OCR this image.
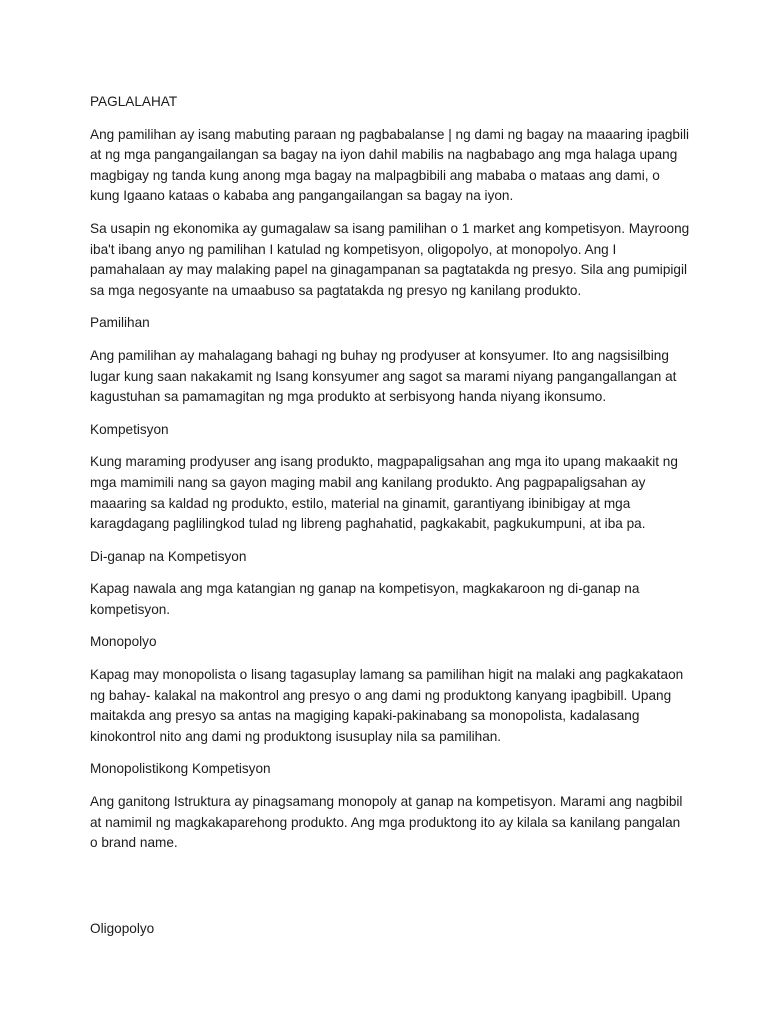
PAGLALAHAT

Ang pamilihan ay isang mabuting paraan ng pagbabalanse | ng dami ng bagay na maaaring ipagbili at ng mga pangangailangan sa bagay na iyon dahil mabilis na nagbabago ang mga halaga upang magbigay ng tanda kung anong mga bagay na malpagbibili ang mababa o mataas ang dami, o kung Igaano kataas o kababa ang pangangailangan sa bagay na iyon.

Sa usapin ng ekonomika ay gumagalaw sa isang pamilihan o 1 market ang kompetisyon. Mayroong iba't ibang anyo ng pamilihan I katulad ng kompetisyon, oligopolyo, at monopolyo. Ang I pamahalaan ay may malaking papel na ginagampanan sa pagtatakda ng presyo. Sila ang pumipigil sa mga negosyante na umaabuso sa pagtatakda ng presyo ng kanilang produkto.

Pamilihan

Ang pamilihan ay mahalagang bahagi ng buhay ng prodyuser at konsyumer. Ito ang nagsisilbing lugar kung saan nakakamit ng Isang konsyumer ang sagot sa marami niyang pangangallangan at kagustuhan sa pamamagitan ng mga produkto at serbisyong handa niyang ikonsumo.

Kompetisyon

Kung maraming prodyuser ang isang produkto, magpapaligsahan ang mga ito upang makaakit ng mga mamimili nang sa gayon maging mabil ang kanilang produkto. Ang pagpapaligsahan ay maaaring sa kaldad ng produkto, estilo, material na ginamit, garantiyang ibinibigay at mga karagdagang paglilingkod tulad ng libreng paghahatid, pagkakabit, pagkukumpuni, at iba pa.

Di-ganap na Kompetisyon

Kapag nawala ang mga katangian ng ganap na kompetisyon, magkakaroon ng di-ganap na kompetisyon.

Monopolyo

Kapag may monopolista o lisang tagasuplay lamang sa pamilihan higit na malaki ang pagkakataon ng bahay- kalakal na makontrol ang presyo o ang dami ng produktong kanyang ipagbibill. Upang maitakda ang presyo sa antas na magiging kapaki-pakinabang sa monopolista, kadalasang kinokontrol nito ang dami ng produktong isusuplay nila sa pamilihan.

Monopolistikong Kompetisyon

Ang ganitong Istruktura ay pinagsamang monopoly at ganap na kompetisyon. Marami ang nagbibil at namimil ng magkakaparehong produkto. Ang mga produktong ito ay kilala sa kanilang pangalan o brand name.

Oligopolyo
